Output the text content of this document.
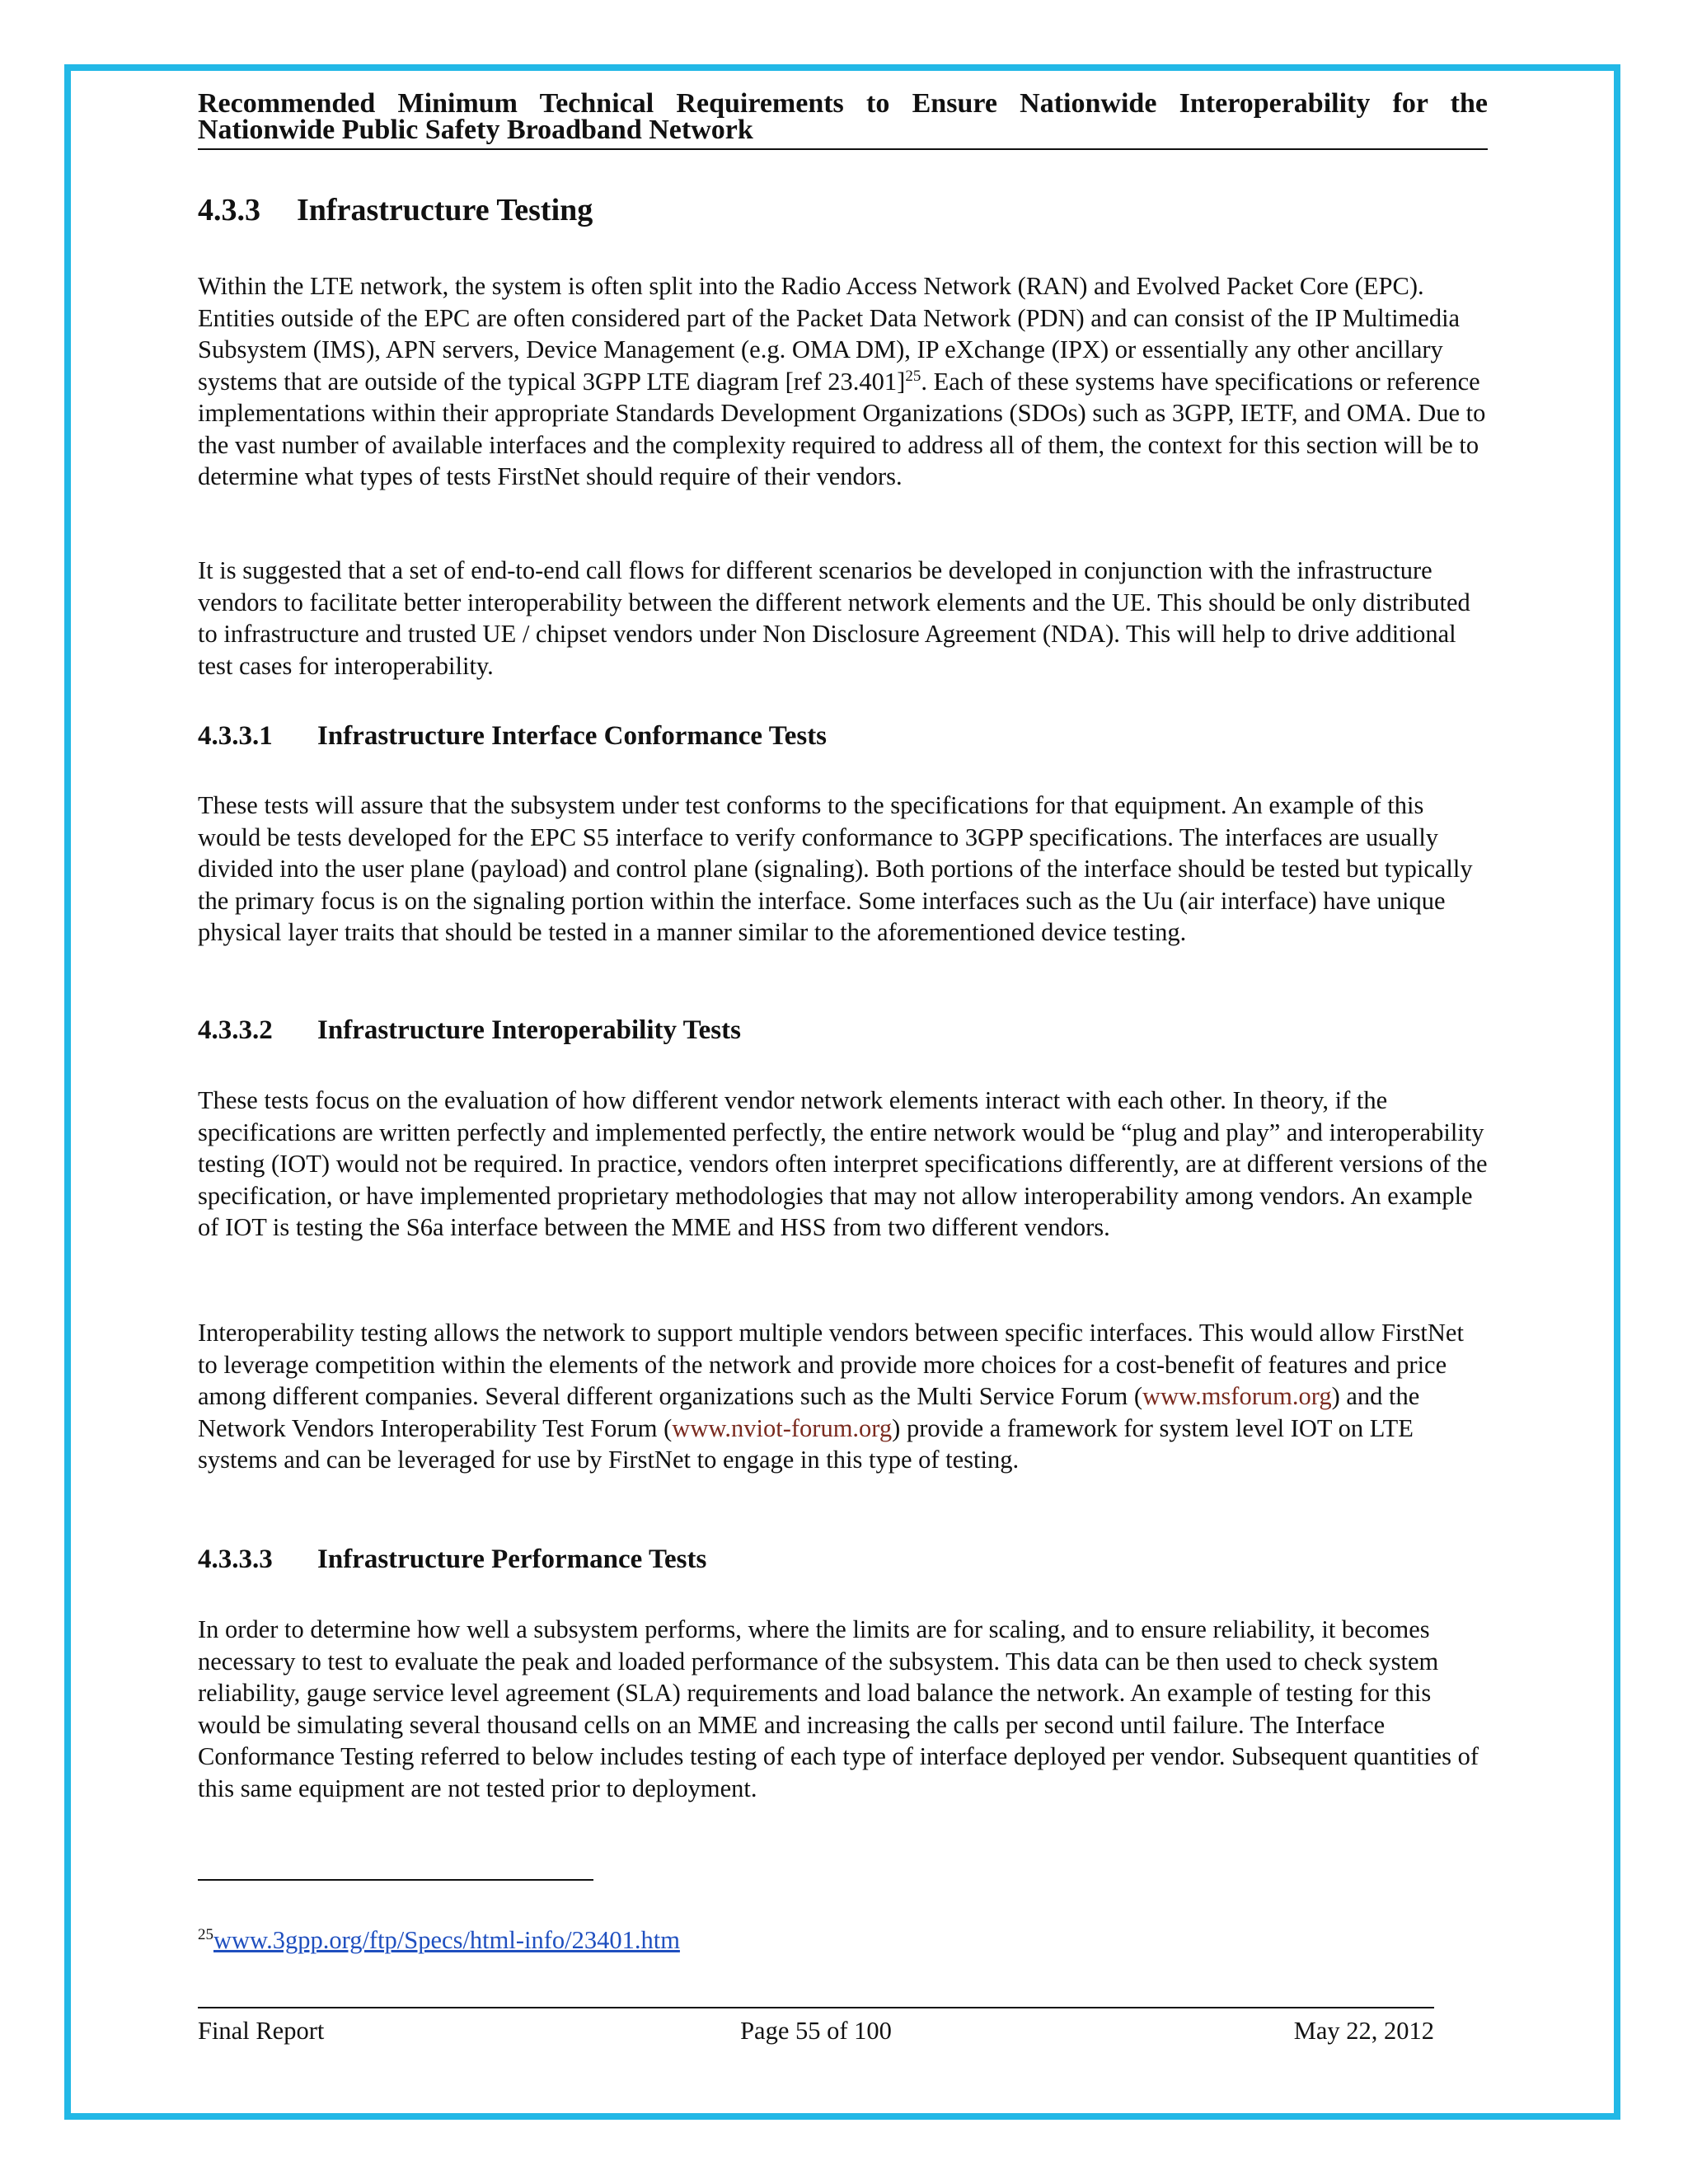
Recommended Minimum Technical Requirements to Ensure Nationwide Interoperability for the
Nationwide Public Safety Broadband Network
4.3.3 Infrastructure Testing

Within the LTE network, the system is often split into the Radio Access Network (RAN) and Evolved Packet Core (EPC). Entities outside of the EPC are often considered part of the Packet Data Network (PDN) and can consist of the IP Multimedia Subsystem (IMS), APN servers, Device Management (e.g. OMA DM), IP eXchange (IPX) or essentially any other ancillary systems that are outside of the typical 3GPP LTE diagram [ref 23.401]$^{25}$. Each of these systems have specifications or reference implementations within their appropriate Standards Development Organizations (SDOs) such as 3GPP, IETF, and OMA. Due to the vast number of available interfaces and the complexity required to address all of them, the context for this section will be to determine what types of tests FirstNet should require of their vendors.

It is suggested that a set of end-to-end call flows for different scenarios be developed in conjunction with the infrastructure vendors to facilitate better interoperability between the different network elements and the UE. This should be only distributed to infrastructure and trusted UE / chipset vendors under Non Disclosure Agreement (NDA). This will help to drive additional test cases for interoperability.

4.3.3.1 Infrastructure Interface Conformance Tests

These tests will assure that the subsystem under test conforms to the specifications for that equipment. An example of this would be tests developed for the EPC S5 interface to verify conformance to 3GPP specifications. The interfaces are usually divided into the user plane (payload) and control plane (signaling). Both portions of the interface should be tested but typically the primary focus is on the signaling portion within the interface. Some interfaces such as the Uu (air interface) have unique physical layer traits that should be tested in a manner similar to the aforementioned device testing.

4.3.3.2 Infrastructure Interoperability Tests

These tests focus on the evaluation of how different vendor network elements interact with each other. In theory, if the specifications are written perfectly and implemented perfectly, the entire network would be “plug and play” and interoperability testing (IOT) would not be required. In practice, vendors often interpret specifications differently, are at different versions of the specification, or have implemented proprietary methodologies that may not allow interoperability among vendors. An example of IOT is testing the S6a interface between the MME and HSS from two different vendors.

Interoperability testing allows the network to support multiple vendors between specific interfaces. This would allow FirstNet to leverage competition within the elements of the network and provide more choices for a cost-benefit of features and price among different companies. Several different organizations such as the Multi Service Forum (www.msforum.org) and the Network Vendors Interoperability Test Forum (www.nviot-forum.org) provide a framework for system level IOT on LTE systems and can be leveraged for use by FirstNet to engage in this type of testing.

4.3.3.3 Infrastructure Performance Tests

In order to determine how well a subsystem performs, where the limits are for scaling, and to ensure reliability, it becomes necessary to test to evaluate the peak and loaded performance of the subsystem. This data can be then used to check system reliability, gauge service level agreement (SLA) requirements and load balance the network. An example of testing for this would be simulating several thousand cells on an MME and increasing the calls per second until failure. The Interface Conformance Testing referred to below includes testing of each type of interface deployed per vendor. Subsequent quantities of this same equipment are not tested prior to deployment.

$^{25}$www.3gpp.org/ftp/Specs/html-info/23401.htm
Final Report	Page 55 of 100	May 22, 2012
